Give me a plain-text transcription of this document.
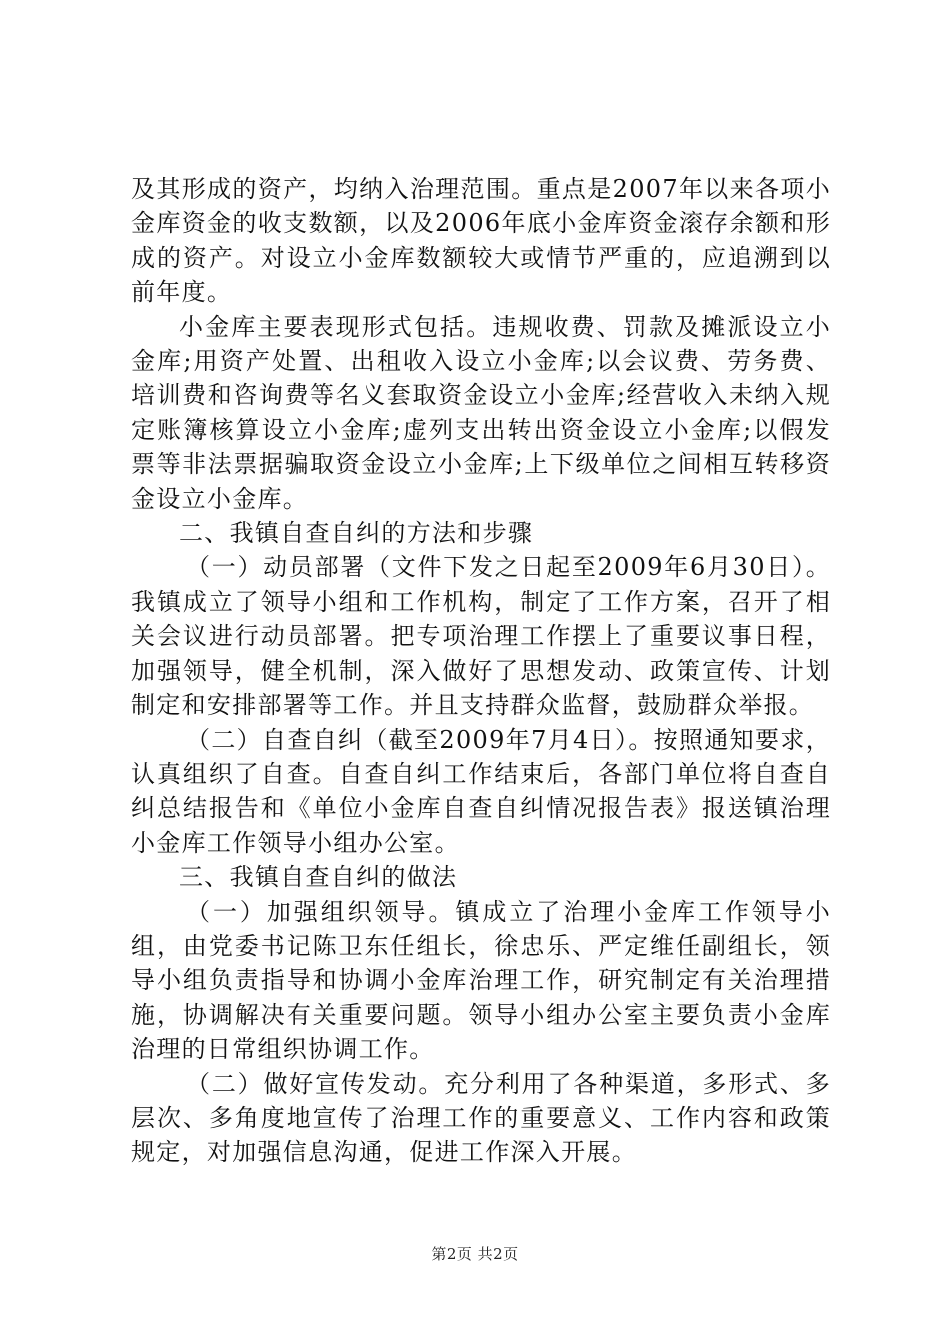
及其形成的资产，均纳入治理范围。重点是2007年以来各项小金库资金的收支数额，以及2006年底小金库资金滚存余额和形成的资产。对设立小金库数额较大或情节严重的，应追溯到以前年度。

小金库主要表现形式包括。违规收费、罚款及摊派设立小金库;用资产处置、出租收入设立小金库;以会议费、劳务费、培训费和咨询费等名义套取资金设立小金库;经营收入未纳入规定账簿核算设立小金库;虚列支出转出资金设立小金库;以假发票等非法票据骗取资金设立小金库;上下级单位之间相互转移资金设立小金库。

二、我镇自查自纠的方法和步骤

（一）动员部署（文件下发之日起至2009年6月30日）。我镇成立了领导小组和工作机构，制定了工作方案，召开了相关会议进行动员部署。把专项治理工作摆上了重要议事日程，加强领导，健全机制，深入做好了思想发动、政策宣传、计划制定和安排部署等工作。并且支持群众监督，鼓励群众举报。

（二）自查自纠（截至2009年7月4日）。按照通知要求，认真组织了自查。自查自纠工作结束后，各部门单位将自查自纠总结报告和《单位小金库自查自纠情况报告表》报送镇治理小金库工作领导小组办公室。

三、我镇自查自纠的做法

（一）加强组织领导。镇成立了治理小金库工作领导小组，由党委书记陈卫东任组长，徐忠乐、严定维任副组长，领导小组负责指导和协调小金库治理工作，研究制定有关治理措施，协调解决有关重要问题。领导小组办公室主要负责小金库治理的日常组织协调工作。

（二）做好宣传发动。充分利用了各种渠道，多形式、多层次、多角度地宣传了治理工作的重要意义、工作内容和政策规定，对加强信息沟通，促进工作深入开展。

第2页 共2页
